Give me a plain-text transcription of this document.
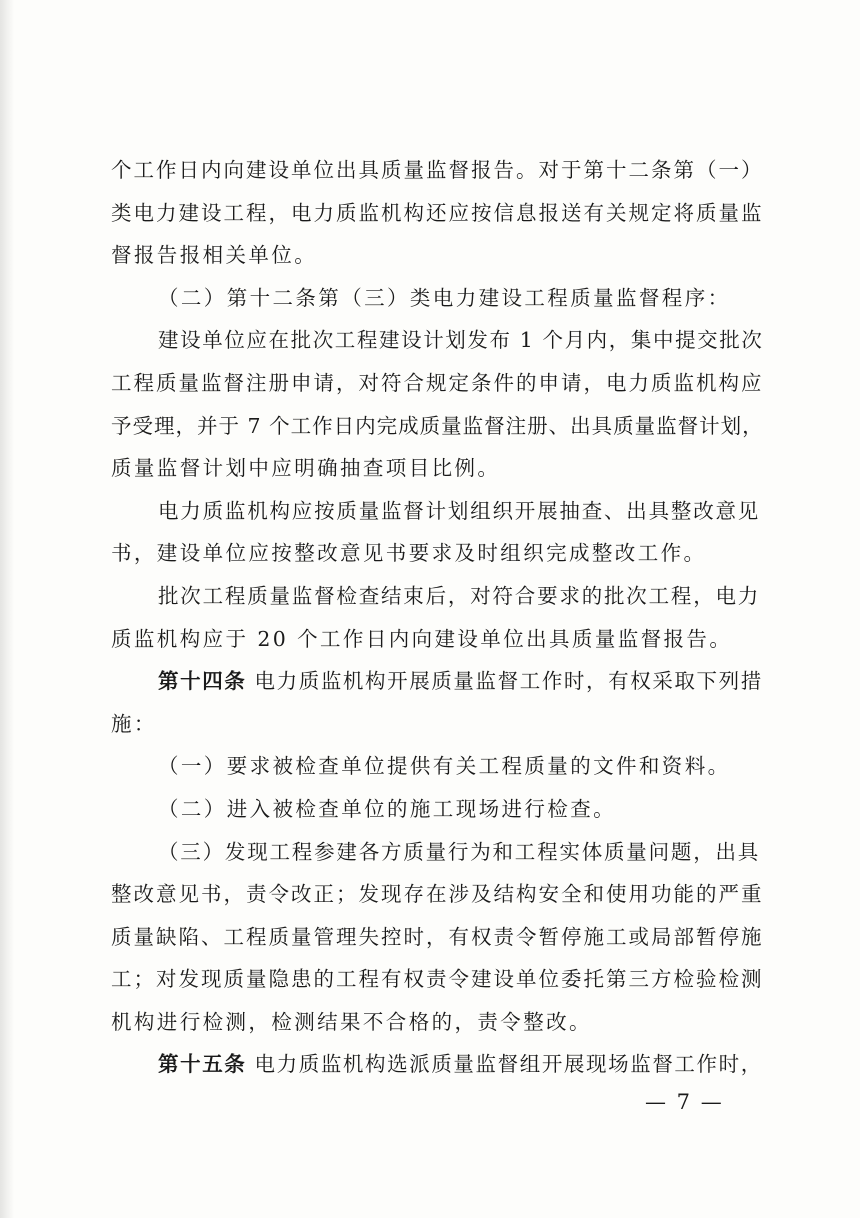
个工作日内向建设单位出具质量监督报告。对于第十二条第（一）
类电力建设工程，电力质监机构还应按信息报送有关规定将质量监
督报告报相关单位。
（二）第十二条第（三）类电力建设工程质量监督程序：
建设单位应在批次工程建设计划发布 1 个月内，集中提交批次
工程质量监督注册申请，对符合规定条件的申请，电力质监机构应
予受理，并于 7 个工作日内完成质量监督注册、出具质量监督计划，
质量监督计划中应明确抽查项目比例。
电力质监机构应按质量监督计划组织开展抽查、出具整改意见
书，建设单位应按整改意见书要求及时组织完成整改工作。
批次工程质量监督检查结束后，对符合要求的批次工程，电力
质监机构应于 20 个工作日内向建设单位出具质量监督报告。
第十四条 电力质监机构开展质量监督工作时，有权采取下列措
施：
（一）要求被检查单位提供有关工程质量的文件和资料。
（二）进入被检查单位的施工现场进行检查。
（三）发现工程参建各方质量行为和工程实体质量问题，出具
整改意见书，责令改正；发现存在涉及结构安全和使用功能的严重
质量缺陷、工程质量管理失控时，有权责令暂停施工或局部暂停施
工；对发现质量隐患的工程有权责令建设单位委托第三方检验检测
机构进行检测，检测结果不合格的，责令整改。
第十五条 电力质监机构选派质量监督组开展现场监督工作时，
— 7 —
